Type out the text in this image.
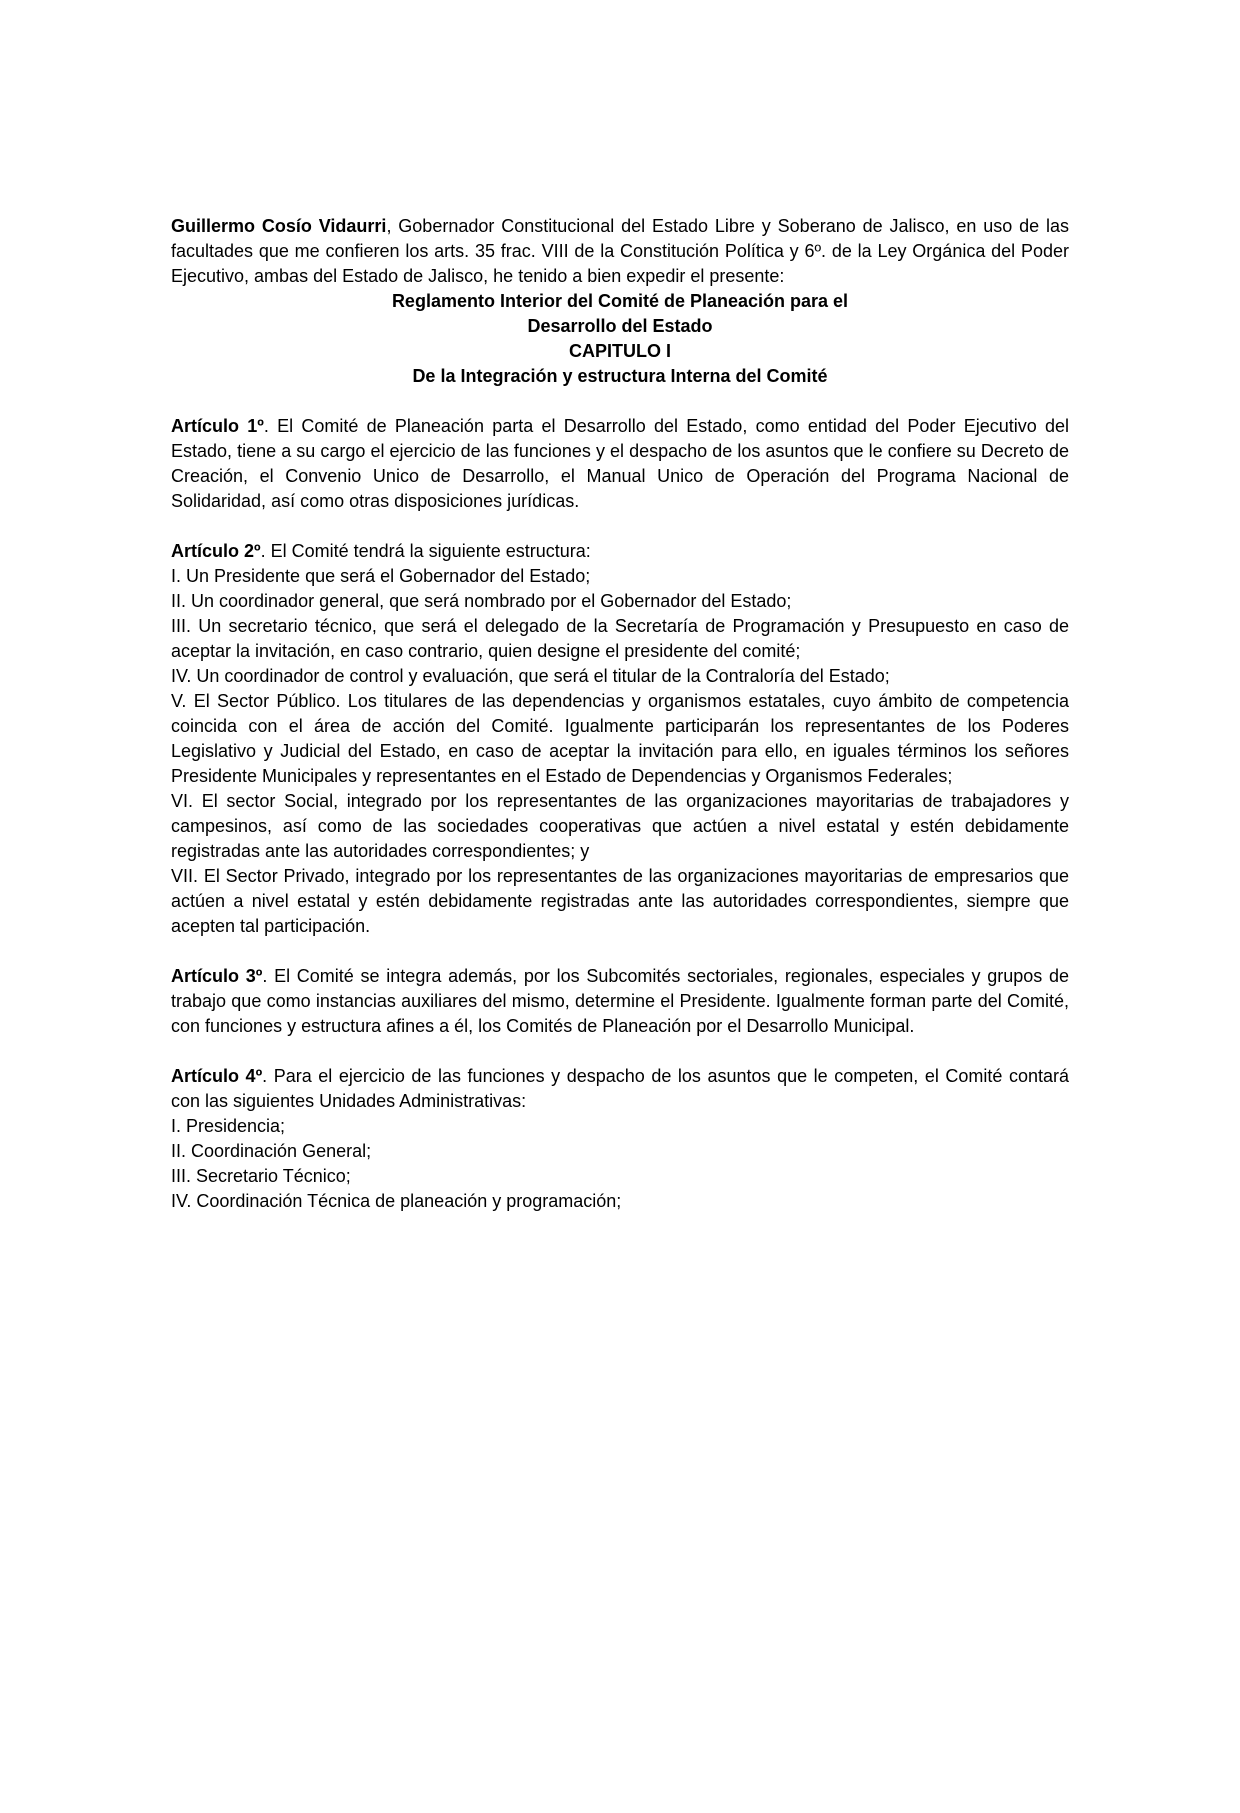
Guillermo Cosío Vidaurri, Gobernador Constitucional del Estado Libre y Soberano de Jalisco, en uso de las facultades que me confieren los arts. 35 frac. VIII de la Constitución Política y 6º. de la Ley Orgánica del Poder Ejecutivo, ambas del Estado de Jalisco, he tenido a bien expedir el presente:

Reglamento Interior del Comité de Planeación para el

Desarrollo del Estado

CAPITULO I

De la Integración y estructura Interna del Comité

Artículo 1º. El Comité de Planeación parta el Desarrollo del Estado, como entidad del Poder Ejecutivo del Estado, tiene a su cargo el ejercicio de las funciones y el despacho de los asuntos que le confiere su Decreto de Creación, el Convenio Unico de Desarrollo, el Manual Unico de Operación del Programa Nacional de Solidaridad, así como otras disposiciones jurídicas.

Artículo 2º. El Comité tendrá la siguiente estructura:

I. Un Presidente que será el Gobernador del Estado;

II. Un coordinador general, que será nombrado por el Gobernador del Estado;

III. Un secretario técnico, que será el delegado de la Secretaría de Programación y Presupuesto en caso de aceptar la invitación, en caso contrario, quien designe el presidente del comité;

IV. Un coordinador de control y evaluación, que será el titular de la Contraloría del Estado;

V. El Sector Público. Los titulares de las dependencias y organismos estatales, cuyo ámbito de competencia coincida con el área de acción del Comité. Igualmente participarán los representantes de los Poderes Legislativo y Judicial del Estado, en caso de aceptar la invitación para ello, en iguales términos los señores Presidente Municipales y representantes en el Estado de Dependencias y Organismos Federales;

VI. El sector Social, integrado por los representantes de las organizaciones mayoritarias de trabajadores y campesinos, así como de las sociedades cooperativas que actúen a nivel estatal y estén debidamente registradas ante las autoridades correspondientes; y

VII. El Sector Privado, integrado por los representantes de las organizaciones mayoritarias de empresarios que actúen a nivel estatal y estén debidamente registradas ante las autoridades correspondientes, siempre que acepten tal participación.

Artículo 3º. El Comité se integra además, por los Subcomités sectoriales, regionales, especiales y grupos de trabajo que como instancias auxiliares del mismo, determine el Presidente. Igualmente forman parte del Comité, con funciones y estructura afines a él, los Comités de Planeación por el Desarrollo Municipal.

Artículo 4º. Para el ejercicio de las funciones y despacho de los asuntos que le competen, el Comité contará con las siguientes Unidades Administrativas:

I. Presidencia;

II. Coordinación General;

III. Secretario Técnico;

IV. Coordinación Técnica de planeación y programación;
